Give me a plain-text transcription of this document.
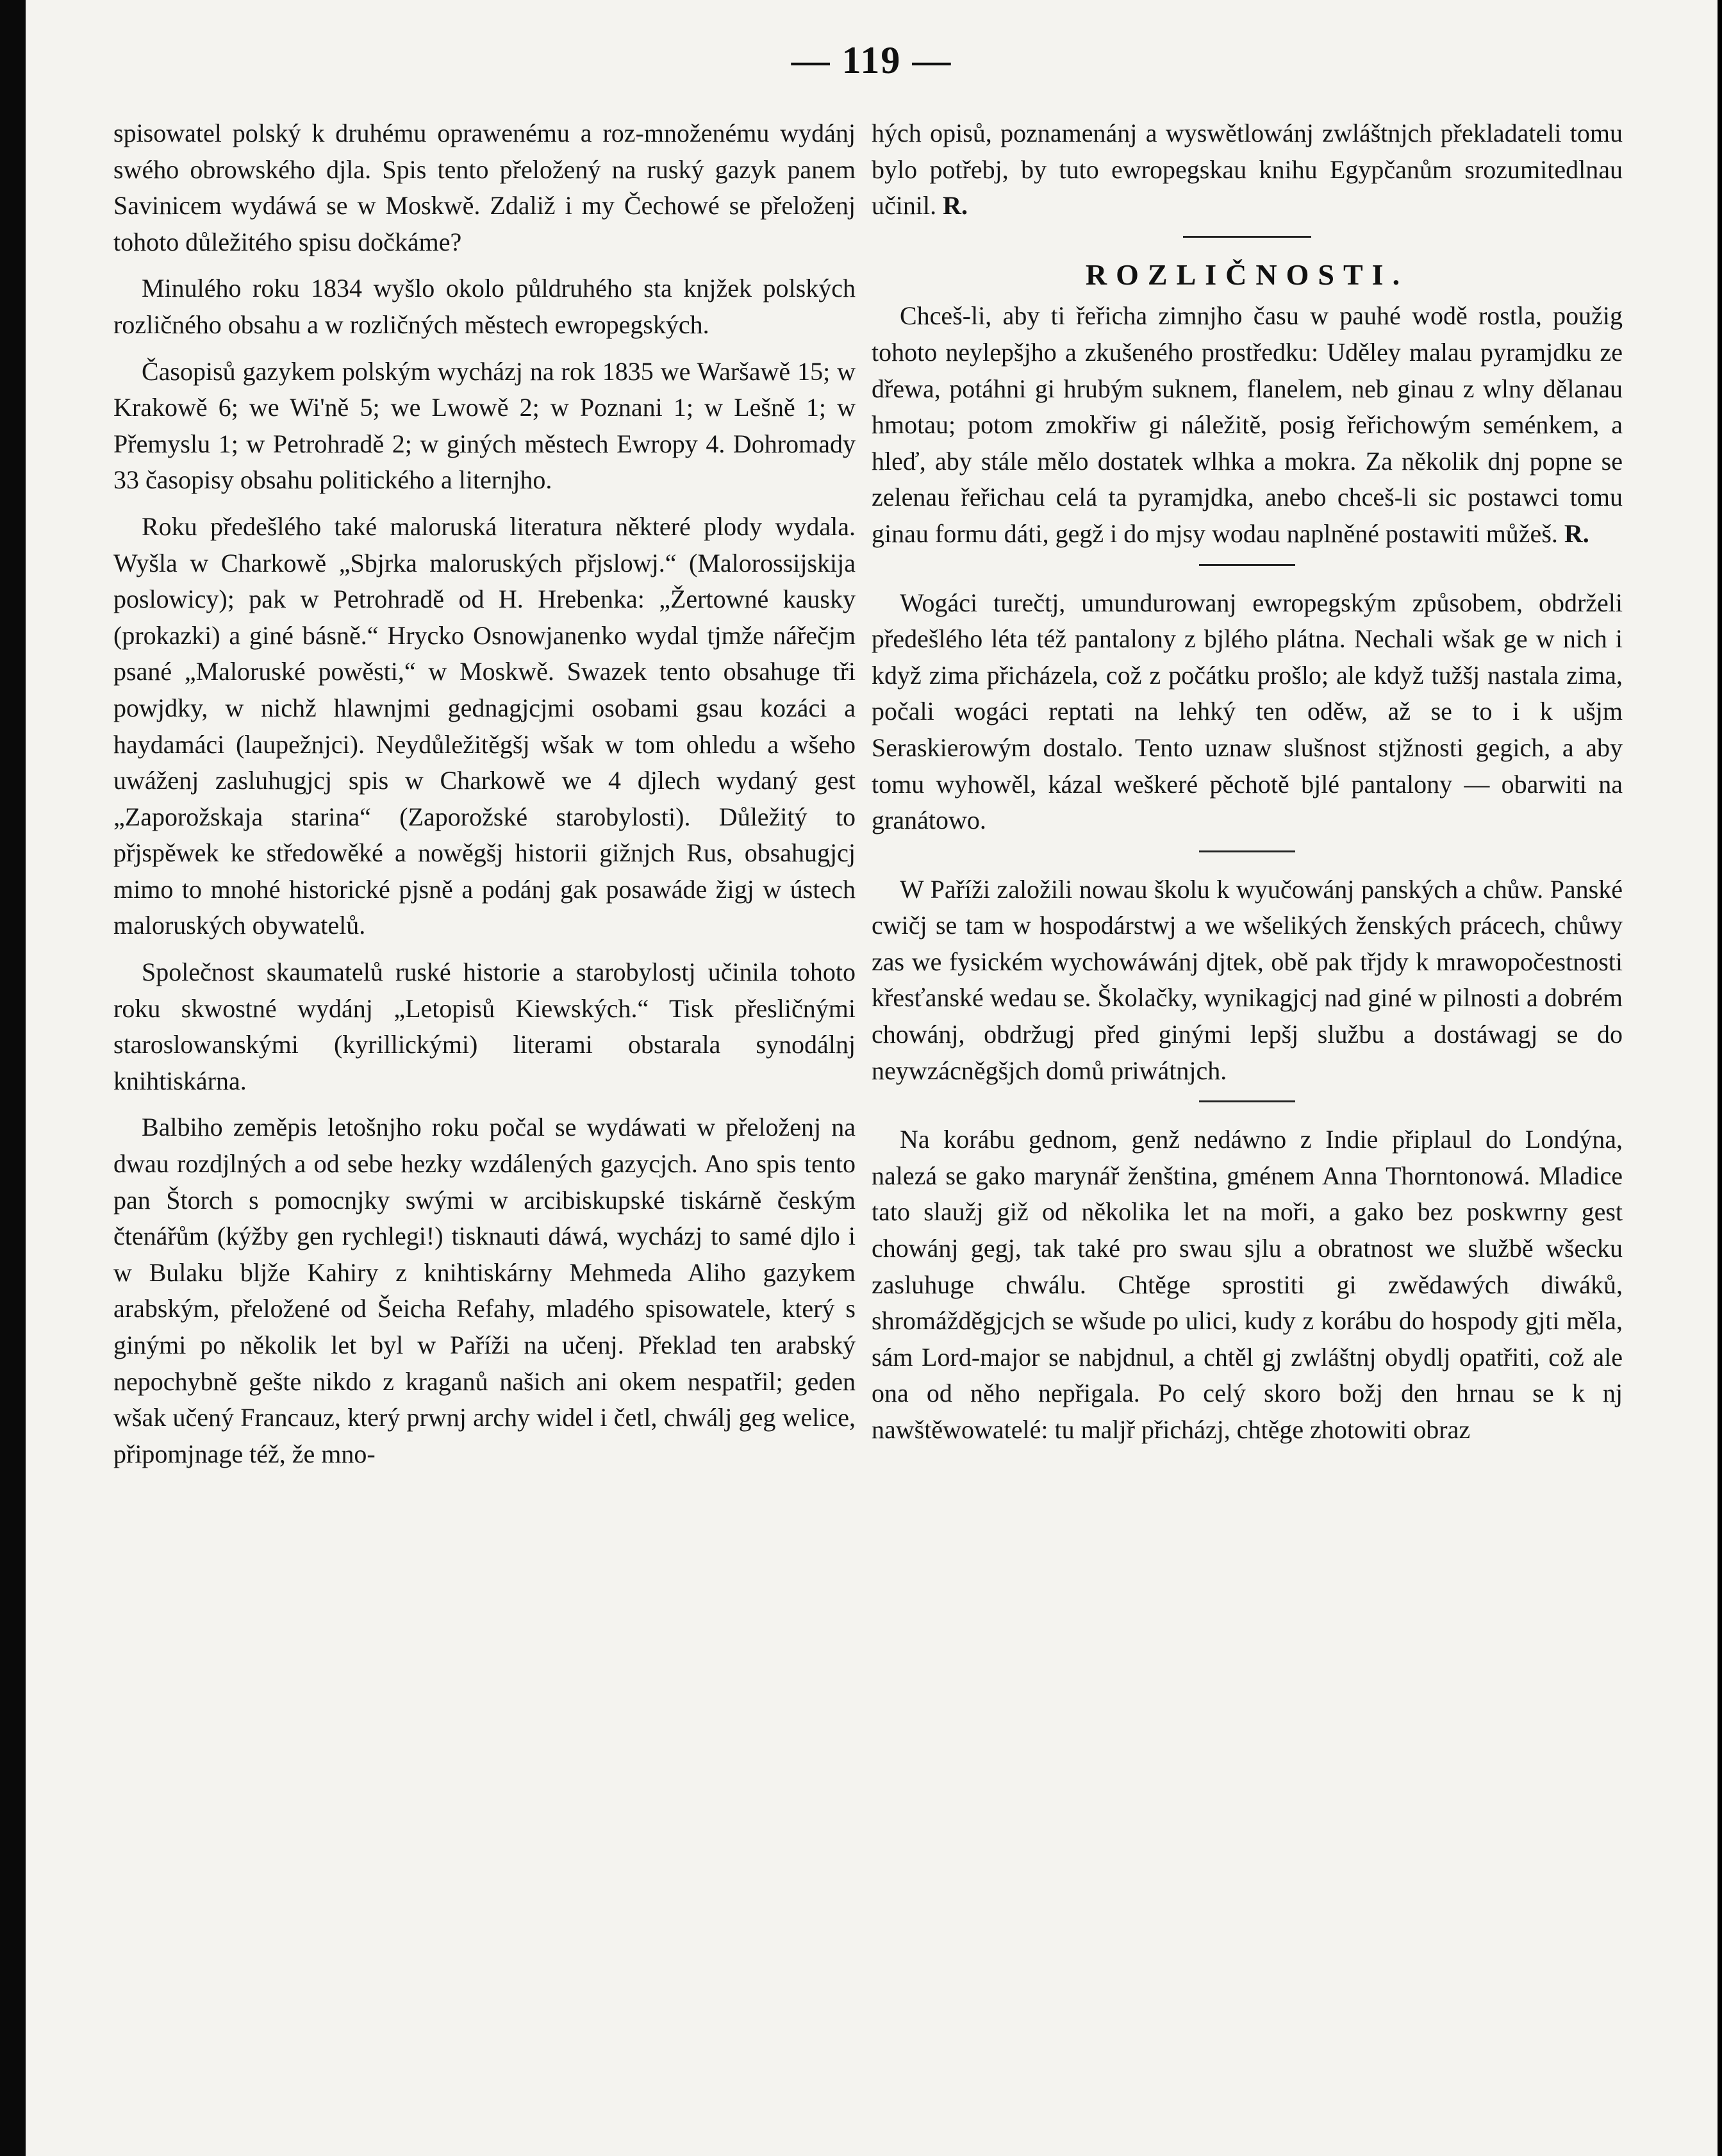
— 119 —

spisowatel polský k druhému oprawenému a roz-množenému wydánj swého obrowského djla. Spis tento přeložený na ruský gazyk panem Savinicem wydáwá se w Moskwě. Zdaliž i my Čechowé se přeloženj tohoto důležitého spisu dočkáme?

Minulého roku 1834 wyšlo okolo půldruhého sta knjžek polských rozličného obsahu a w rozličných městech ewropegských.

Časopisů gazykem polským wycházj na rok 1835 we Waršawě 15; w Krakowě 6; we Wi'ně 5; we Lwowě 2; w Poznani 1; w Lešně 1; w Přemyslu 1; w Petrohradě 2; w giných městech Ewropy 4. Dohromady 33 časopisy obsahu politického a liternjho.

Roku předešlého také maloruská literatura některé plody wydala. Wyšla w Charkowě „Sbjrka maloruských přjslowj.“ (Malorossijskija poslowicy); pak w Petrohradě od H. Hrebenka: „Žertowné kausky (prokazki) a giné básně.“ Hrycko Osnowjanenko wydal tjmže nářečjm psané „Maloruské powěsti,“ w Moskwě. Swazek tento obsahuge tři powjdky, w nichž hlawnjmi gednagjcjmi osobami gsau kozáci a haydamáci (laupežnjci). Neydůležitěgšj wšak w tom ohledu a wšeho uwáženj zasluhugjcj spis w Charkowě we 4 djlech wydaný gest „Zaporožskaja starina“ (Zaporožské starobylosti). Důležitý to přjspěwek ke středowěké a nowěgšj historii gižnjch Rus, obsahugjcj mimo to mnohé historické pjsně a podánj gak posawáde žigj w ústech maloruských obywatelů.

Společnost skaumatelů ruské historie a starobylostj učinila tohoto roku skwostné wydánj „Letopisů Kiewských.“ Tisk přesličnými staroslowanskými (kyrillickými) literami obstarala synodálnj knihtiskárna.

Balbiho zeměpis letošnjho roku počal se wydáwati w přeloženj na dwau rozdjlných a od sebe hezky wzdálených gazycjch. Ano spis tento pan Štorch s pomocnjky swými w arcibiskupské tiskárně českým čtenářům (kýžby gen rychlegi!) tisknauti dáwá, wycházj to samé djlo i w Bulaku bljže Kahiry z knihtiskárny Mehmeda Aliho gazykem arabským, přeložené od Šeicha Refahy, mladého spisowatele, který s ginými po několik let byl w Paříži na učenj. Překlad ten arabský nepochybně gešte nikdo z kraganů našich ani okem nespatřil; geden wšak učený Francauz, který prwnj archy widel i četl, chwálj geg welice, připomjnage též, že mno-

hých opisů, poznamenánj a wyswětlowánj zwláštnjch překladateli tomu bylo potřebj, by tuto ewropegskau knihu Egypčanům srozumitedlnau učinil. R.

ROZLIČNOSTI.

Chceš-li, aby ti řeřicha zimnjho času w pauhé wodě rostla, použig tohoto neylepšjho a zkušeného prostředku: Uděley malau pyramjdku ze dřewa, potáhni gi hrubým suknem, flanelem, neb ginau z wlny dělanau hmotau; potom zmokřiw gi náležitě, posig řeřichowým seménkem, a hleď, aby stále mělo dostatek wlhka a mokra. Za několik dnj popne se zelenau řeřichau celá ta pyramjdka, anebo chceš-li sic postawci tomu ginau formu dáti, gegž i do mjsy wodau naplněné postawiti můžeš. R.

Wogáci turečtj, umundurowanj ewropegským způsobem, obdrželi předešlého léta též pantalony z bjlého plátna. Nechali wšak ge w nich i když zima přicházela, což z počátku prošlo; ale když tužšj nastala zima, počali wogáci reptati na lehký ten oděw, až se to i k ušjm Seraskierowým dostalo. Tento uznaw slušnost stjžnosti gegich, a aby tomu wyhowěl, kázal weškeré pěchotě bjlé pantalony — obarwiti na granátowo.

W Paříži založili nowau školu k wyučowánj panských a chůw. Panské cwičj se tam w hospodárstwj a we wšelikých ženských prácech, chůwy zas we fysickém wychowáwánj djtek, obě pak třjdy k mrawopočestnosti křesťanské wedau se. Školačky, wynikagjcj nad giné w pilnosti a dobrém chowánj, obdržugj před ginými lepšj službu a dostáwagj se do neywzácněgšjch domů priwátnjch.

Na korábu gednom, genž nedáwno z Indie připlaul do Londýna, nalezá se gako marynář ženština, gménem Anna Thorntonowá. Mladice tato slaužj giž od několika let na moři, a gako bez poskwrny gest chowánj gegj, tak také pro swau sjlu a obratnost we službě wšecku zasluhuge chwálu. Chtěge sprostiti gi zwědawých diwáků, shromážděgjcjch se wšude po ulici, kudy z korábu do hospody gjti měla, sám Lord-major se nabjdnul, a chtěl gj zwláštnj obydlj opatřiti, což ale ona od něho nepřigala. Po celý skoro božj den hrnau se k nj nawštěwowatelé: tu maljř přicházj, chtěge zhotowiti obraz
